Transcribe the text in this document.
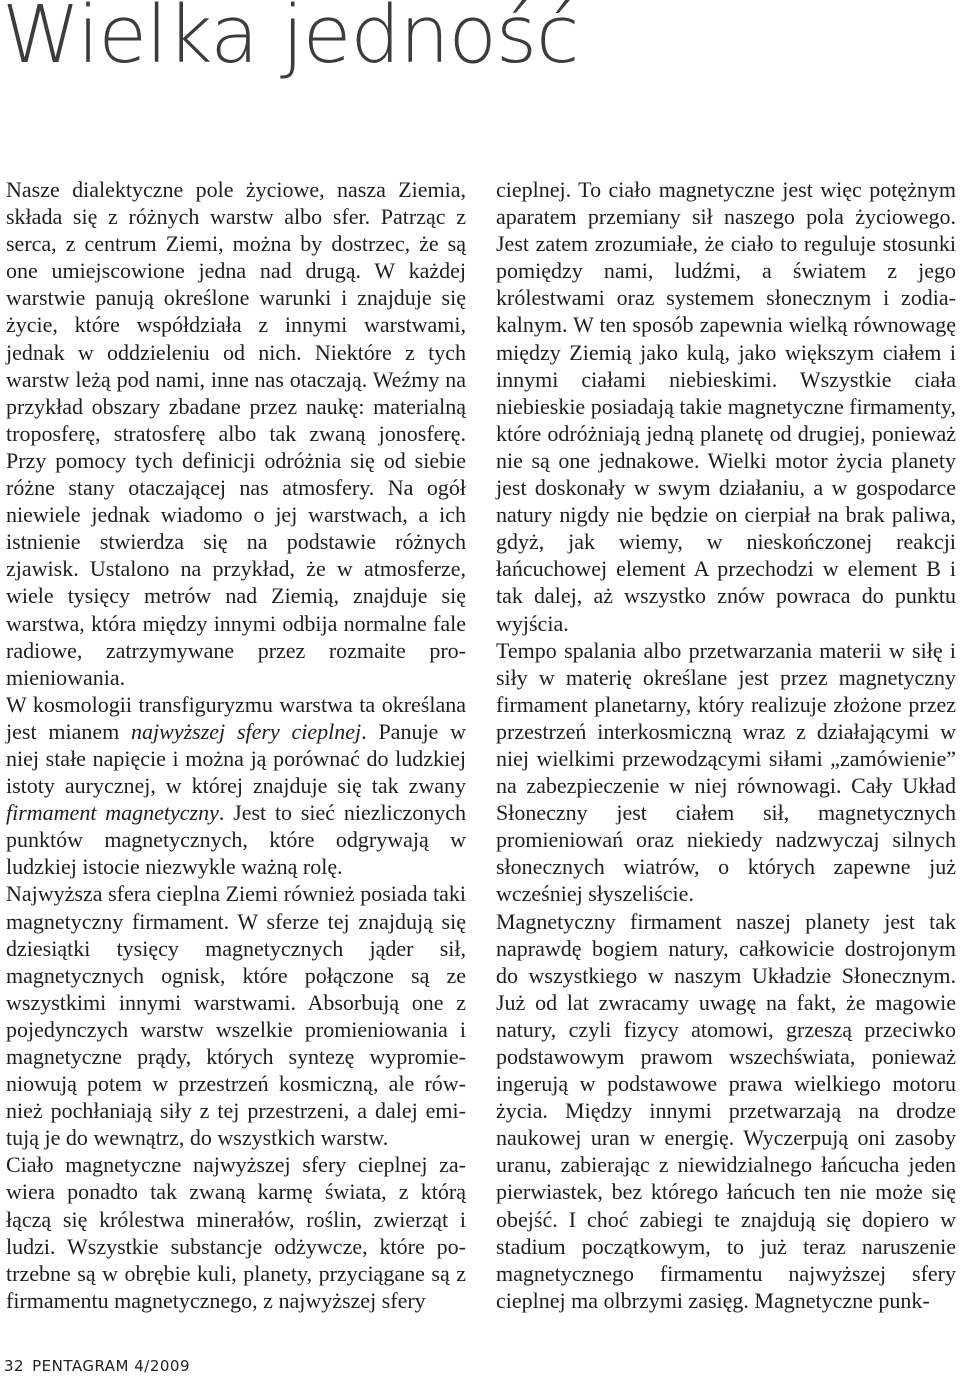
Wielka jedność

Nasze dialektyczne pole życiowe, nasza Ziemia, składa się z różnych warstw albo sfer. Patrząc z serca, z centrum Ziemi, można by dostrzec, że są one umiejscowione jedna nad drugą. W każdej warstwie panują określone warunki i znajduje się życie, które współdziała z innymi warstwami, jednak w oddzieleniu od nich. Niektóre z tych warstw leżą pod nami, inne nas otaczają. Weźmy na przykład obszary zbadane przez naukę: materialną troposferę, stratosferę albo tak zwaną jonosferę. Przy pomocy tych definicji odróżnia się od siebie różne stany otaczającej nas atmosfery. Na ogół niewiele jednak wiadomo o jej warstwach, a ich istnienie stwierdza się na podstawie różnych zjawisk. Ustalono na przykład, że w atmosferze, wiele tysięcy metrów nad Ziemią, znajduje się warstwa, która między innymi odbija normalne fale radiowe, zatrzymywane przez rozmaite promieniowania.

W kosmologii transfiguryzmu warstwa ta określana jest mianem najwyższej sfery cieplnej. Panuje w niej stałe napięcie i można ją porównać do ludzkiej istoty aurycznej, w której znajduje się tak zwany firmament magnetyczny. Jest to sieć niezliczonych punktów magnetycznych, które odgrywają w ludzkiej istocie niezwykle ważną rolę.

Najwyższa sfera cieplna Ziemi również posiada taki magnetyczny firmament. W sferze tej znajdują się dziesiątki tysięcy magnetycznych jąder sił, magnetycznych ognisk, które połączone są ze wszystkimi innymi warstwami. Absorbują one z pojedynczych warstw wszelkie promieniowania i magnetyczne prądy, których syntezę wypromieniowują potem w przestrzeń kosmiczną, ale również pochłaniają siły z tej przestrzeni, a dalej emitują je do wewnątrz, do wszystkich warstw.

Ciało magnetyczne najwyższej sfery cieplnej zawiera ponadto tak zwaną karmę świata, z którą łączą się królestwa minerałów, roślin, zwierząt i ludzi. Wszystkie substancje odżywcze, które potrzebne są w obrębie kuli, planety, przyciągane są z firmamentu magnetycznego, z najwyższej sfery

cieplnej. To ciało magnetyczne jest więc potężnym aparatem przemiany sił naszego pola życiowego. Jest zatem zrozumiałe, że ciało to reguluje stosunki pomiędzy nami, ludźmi, a światem z jego królestwami oraz systemem słonecznym i zodiakalnym. W ten sposób zapewnia wielką równowagę między Ziemią jako kulą, jako większym ciałem i innymi ciałami niebieskimi. Wszystkie ciała niebieskie posiadają takie magnetyczne firmamenty, które odróżniają jedną planetę od drugiej, ponieważ nie są one jednakowe. Wielki motor życia planety jest doskonały w swym działaniu, a w gospodarce natury nigdy nie będzie on cierpiał na brak paliwa, gdyż, jak wiemy, w nieskończonej reakcji łańcuchowej element A przechodzi w element B i tak dalej, aż wszystko znów powraca do punktu wyjścia.

Tempo spalania albo przetwarzania materii w siłę i siły w materię określane jest przez magnetyczny firmament planetarny, który realizuje złożone przez przestrzeń interkosmiczną wraz z działającymi w niej wielkimi przewodzącymi siłami „zamówienie” na zabezpieczenie w niej równowagi. Cały Układ Słoneczny jest ciałem sił, magnetycznych promieniowań oraz niekiedy nadzwyczaj silnych słonecznych wiatrów, o których zapewne już wcześniej słyszeliście.

Magnetyczny firmament naszej planety jest tak naprawdę bogiem natury, całkowicie dostrojonym do wszystkiego w naszym Układzie Słonecznym. Już od lat zwracamy uwagę na fakt, że magowie natury, czyli fizycy atomowi, grzeszą przeciwko podstawowym prawom wszechświata, ponieważ ingerują w podstawowe prawa wielkiego motoru życia. Między innymi przetwarzają na drodze naukowej uran w energię. Wyczerpują oni zasoby uranu, zabierając z niewidzialnego łańcucha jeden pierwiastek, bez którego łańcuch ten nie może się obejść. I choć zabiegi te znajdują się dopiero w stadium początkowym, to już teraz naruszenie magnetycznego firmamentu najwyższej sfery cieplnej ma olbrzymi zasięg. Magnetyczne punk-

32 PENTAGRAM 4/2009
